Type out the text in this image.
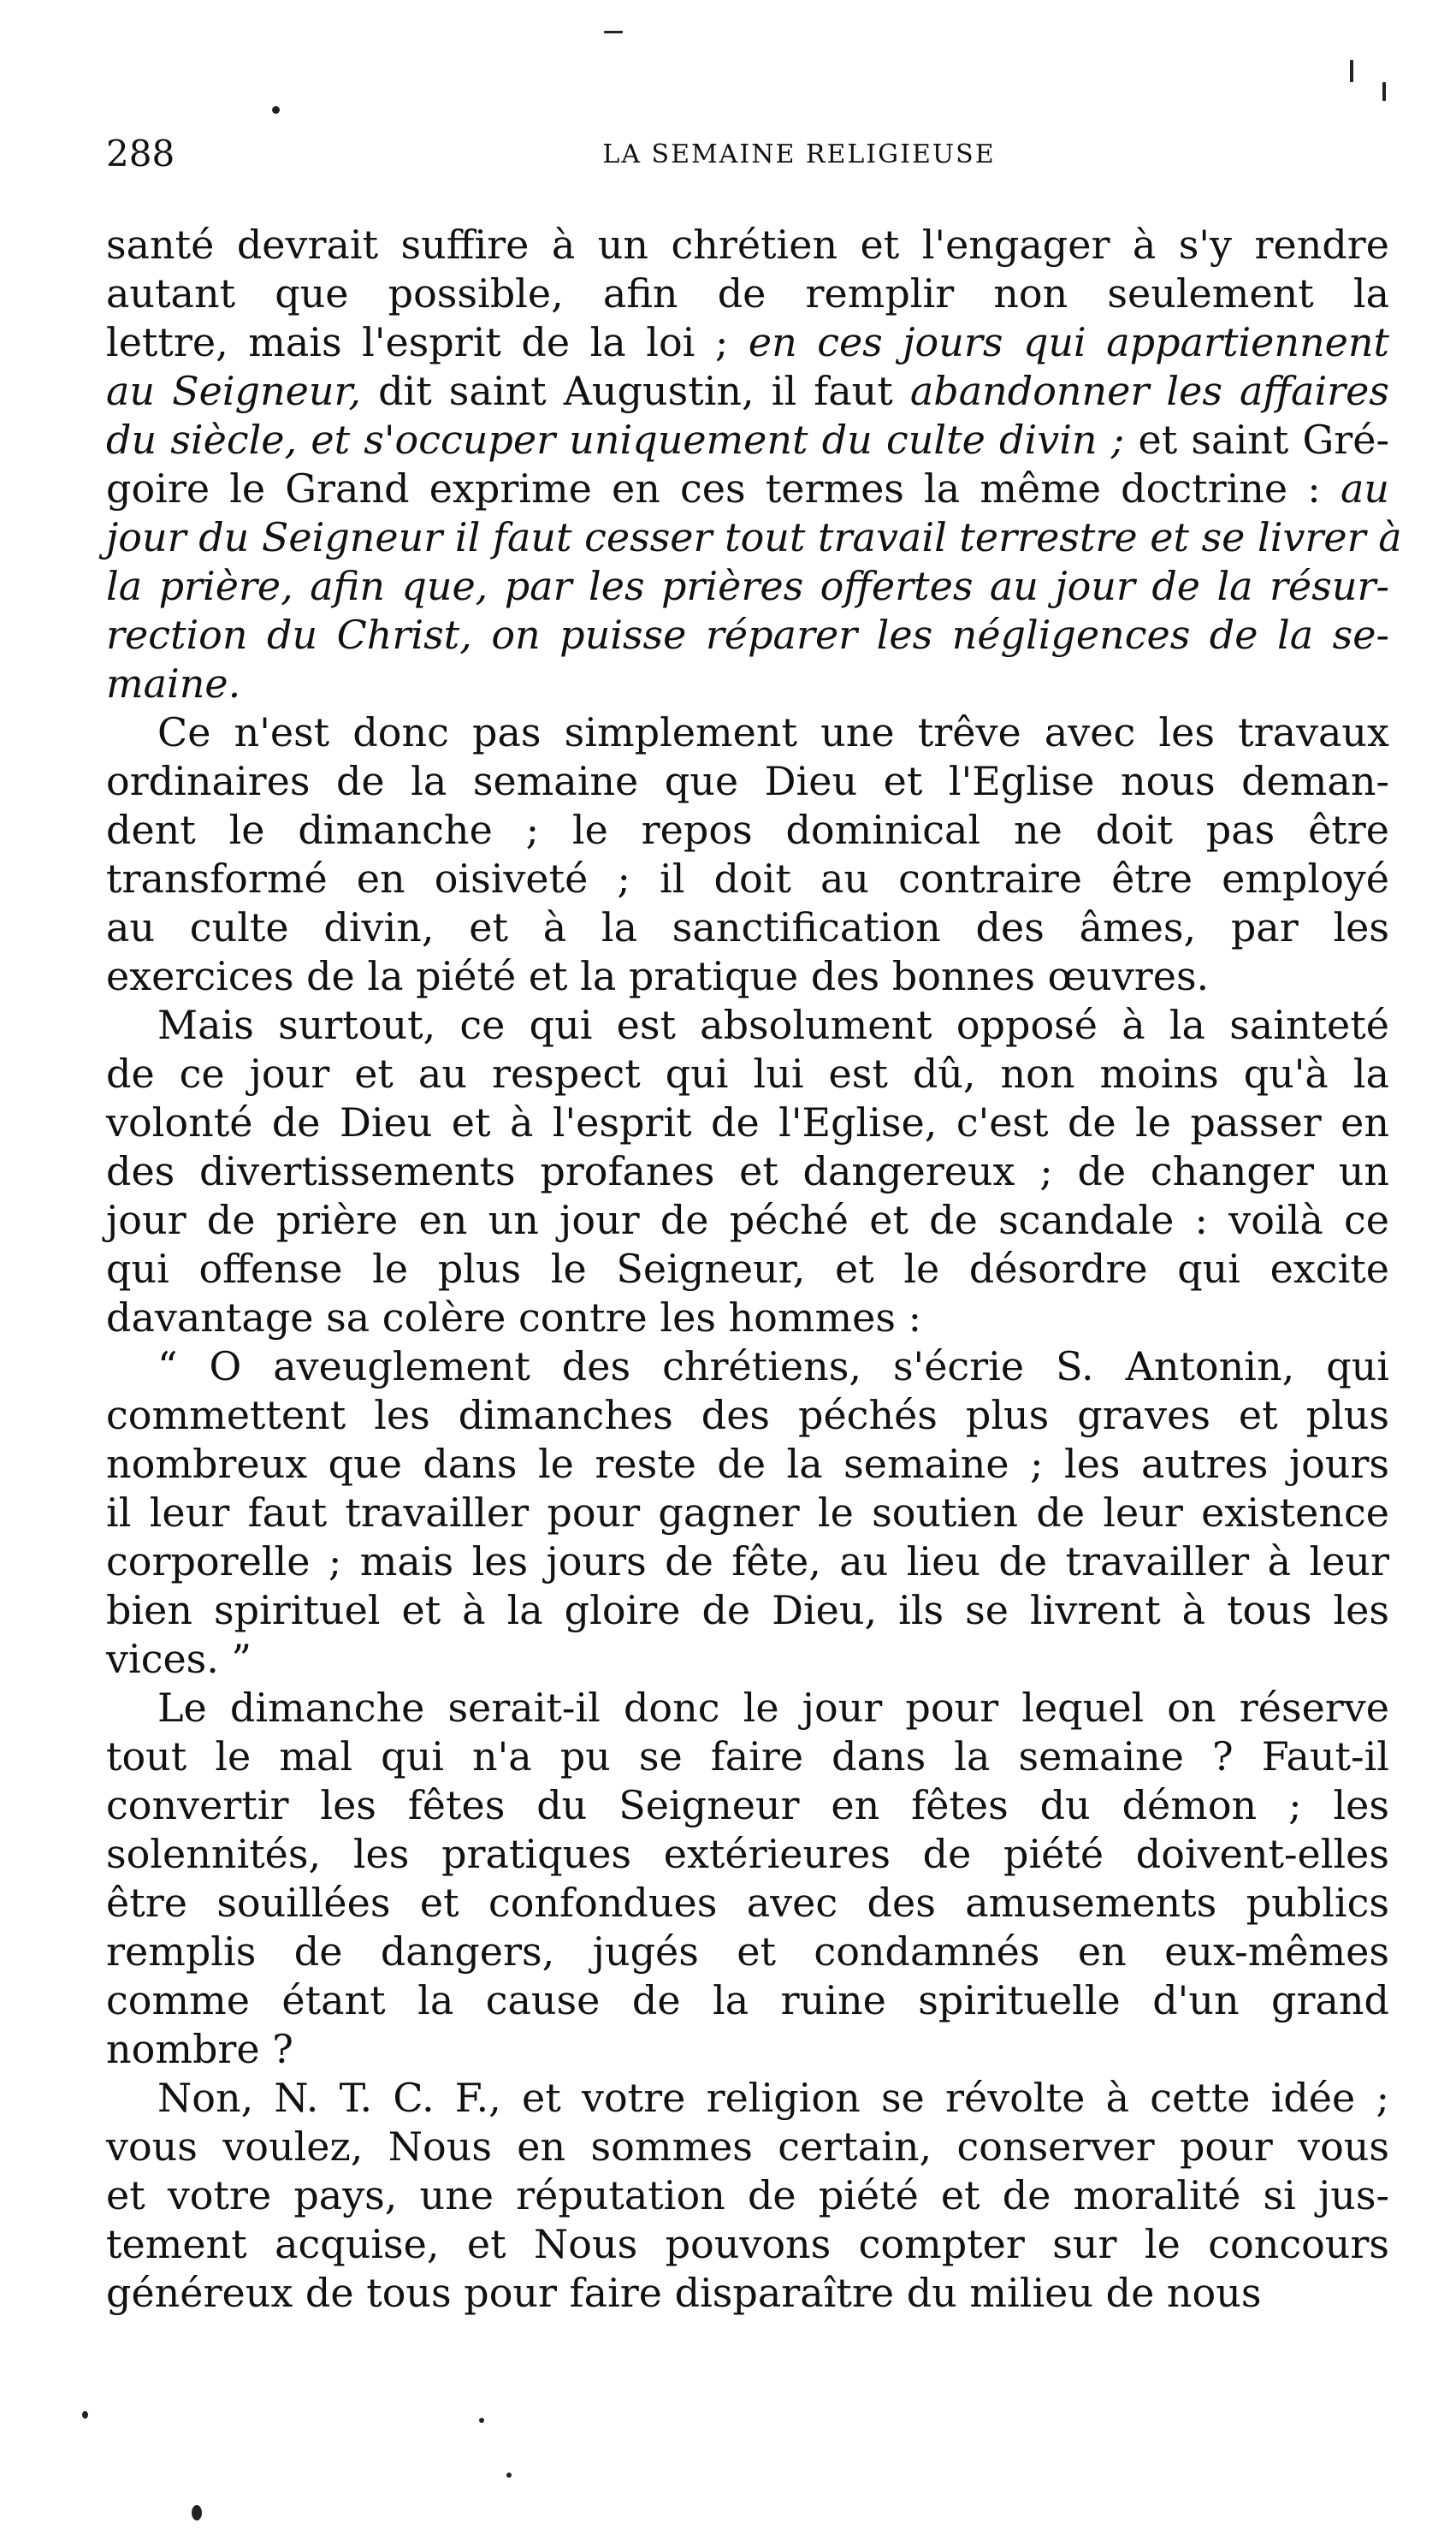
288	LA SEMAINE RELIGIEUSE
santé devrait suffire à un chrétien et l'engager à s'y rendre
autant que possible, afin de remplir non seulement la
lettre, mais l'esprit de la loi ; en ces jours qui appartiennent
au Seigneur, dit saint Augustin, il faut abandonner les affaires
du siècle, et s'occuper uniquement du culte divin ; et saint Gré-
goire le Grand exprime en ces termes la même doctrine : au
jour du Seigneur il faut cesser tout travail terrestre et se livrer à
la prière, afin que, par les prières offertes au jour de la résur-
rection du Christ, on puisse réparer les négligences de la se-
maine.
Ce n'est donc pas simplement une trêve avec les travaux
ordinaires de la semaine que Dieu et l'Eglise nous deman-
dent le dimanche ; le repos dominical ne doit pas être
transformé en oisiveté ; il doit au contraire être employé
au culte divin, et à la sanctification des âmes, par les
exercices de la piété et la pratique des bonnes œuvres.
Mais surtout, ce qui est absolument opposé à la sainteté
de ce jour et au respect qui lui est dû, non moins qu'à la
volonté de Dieu et à l'esprit de l'Eglise, c'est de le passer en
des divertissements profanes et dangereux ; de changer un
jour de prière en un jour de péché et de scandale : voilà ce
qui offense le plus le Seigneur, et le désordre qui excite
davantage sa colère contre les hommes :
“ O aveuglement des chrétiens, s'écrie S. Antonin, qui
commettent les dimanches des péchés plus graves et plus
nombreux que dans le reste de la semaine ; les autres jours
il leur faut travailler pour gagner le soutien de leur existence
corporelle ; mais les jours de fête, au lieu de travailler à leur
bien spirituel et à la gloire de Dieu, ils se livrent à tous les
vices. ”
Le dimanche serait-il donc le jour pour lequel on réserve
tout le mal qui n'a pu se faire dans la semaine ? Faut-il
convertir les fêtes du Seigneur en fêtes du démon ; les
solennités, les pratiques extérieures de piété doivent-elles
être souillées et confondues avec des amusements publics
remplis de dangers, jugés et condamnés en eux-mêmes
comme étant la cause de la ruine spirituelle d'un grand
nombre ?
Non, N. T. C. F., et votre religion se révolte à cette idée ;
vous voulez, Nous en sommes certain, conserver pour vous
et votre pays, une réputation de piété et de moralité si jus-
tement acquise, et Nous pouvons compter sur le concours
généreux de tous pour faire disparaître du milieu de nous
